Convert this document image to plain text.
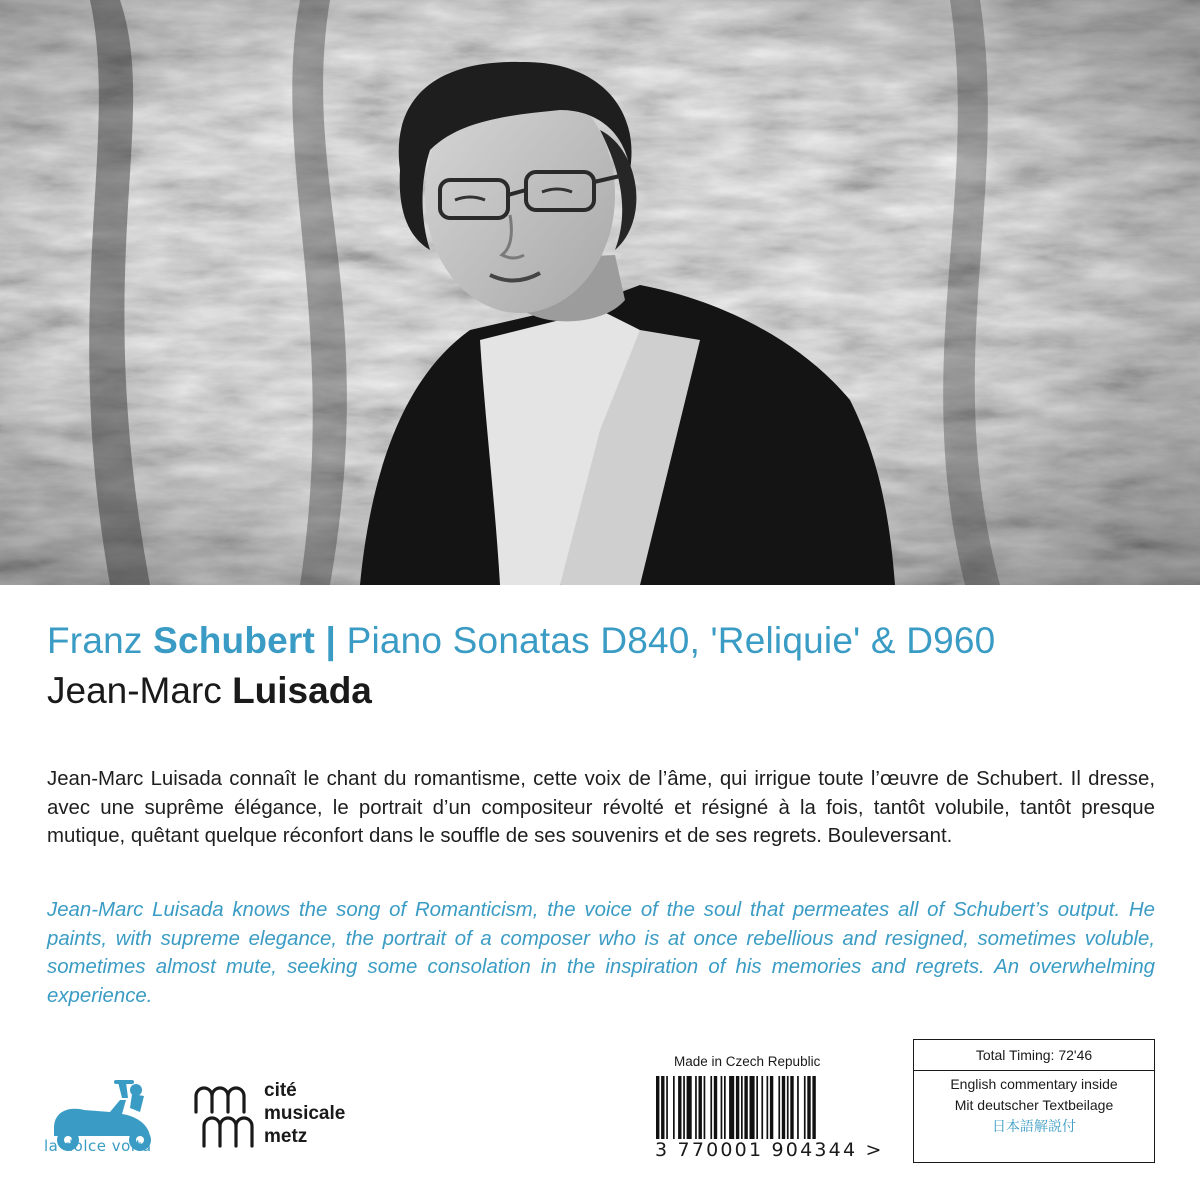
Franz Schubert | Piano Sonatas D840, 'Reliquie' & D960
Jean-Marc Luisada
Jean-Marc Luisada connaît le chant du romantisme, cette voix de l’âme, qui irrigue toute l’œuvre de Schubert. Il dresse, avec une suprême élégance, le portrait d’un compositeur révolté et résigné à la fois, tantôt volubile, tantôt presque mutique, quêtant quelque réconfort dans le souffle de ses souvenirs et de ses regrets. Bouleversant.
Jean-Marc Luisada knows the song of Romanticism, the voice of the soul that permeates all of Schubert’s output. He paints, with supreme elegance, the portrait of a composer who is at once rebellious and resigned, sometimes voluble, sometimes almost mute, seeking some consolation in the inspiration of his memories and regrets. An overwhelming experience.
la dolce volta
cité
musicale
metz
Made in Czech Republic
3 770001 904344 >
Total Timing: 72'46
English commentary inside
Mit deutscher Textbeilage
日本語解説付
